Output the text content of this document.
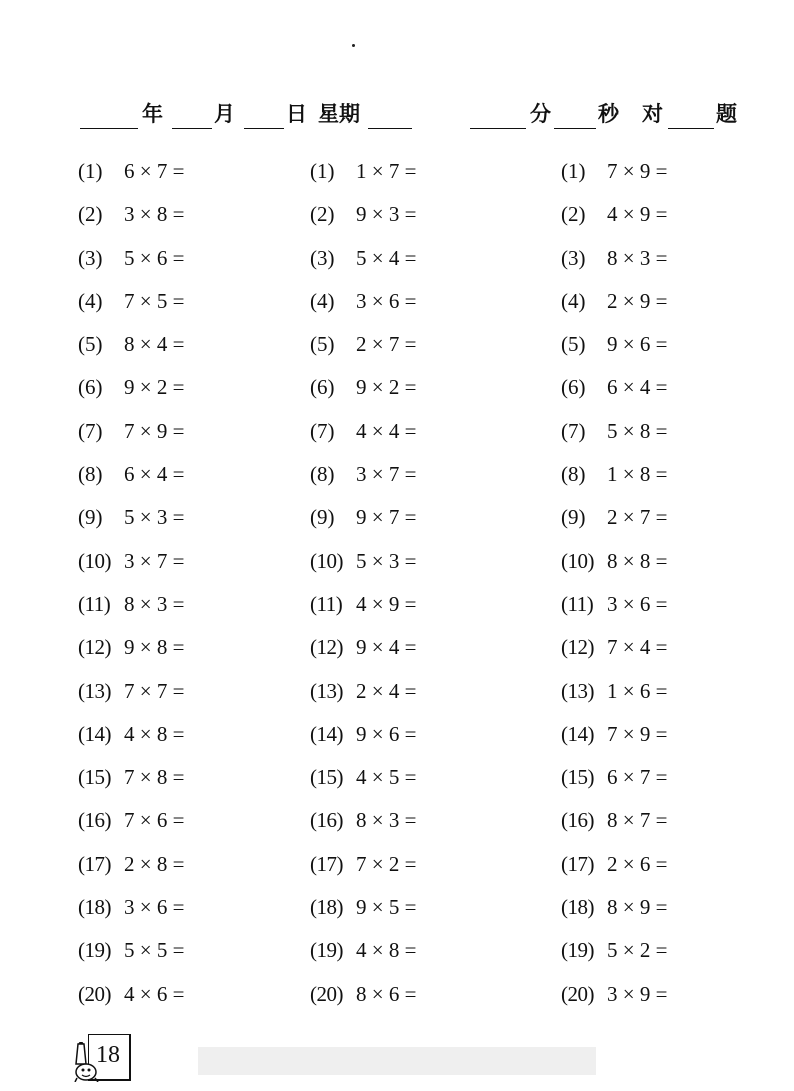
年 月 日 星期	分 秒 对	题
(1) 6 × 7 =
(2) 3 × 8 =
(3) 5 × 6 =
(4) 7 × 5 =
(5) 8 × 4 =
(6) 9 × 2 =
(7) 7 × 9 =
(8) 6 × 4 =
(9) 5 × 3 =
(10) 3 × 7 =
(11) 8 × 3 =
(12) 9 × 8 =
(13) 7 × 7 =
(14) 4 × 8 =
(15) 7 × 8 =
(16) 7 × 6 =
(17) 2 × 8 =
(18) 3 × 6 =
(19) 5 × 5 =
(20) 4 × 6 =
(1) 1 × 7 =
(2) 9 × 3 =
(3) 5 × 4 =
(4) 3 × 6 =
(5) 2 × 7 =
(6) 9 × 2 =
(7) 4 × 4 =
(8) 3 × 7 =
(9) 9 × 7 =
(10) 5 × 3 =
(11) 4 × 9 =
(12) 9 × 4 =
(13) 2 × 4 =
(14) 9 × 6 =
(15) 4 × 5 =
(16) 8 × 3 =
(17) 7 × 2 =
(18) 9 × 5 =
(19) 4 × 8 =
(20) 8 × 6 =
(1) 7 × 9 =
(2) 4 × 9 =
(3) 8 × 3 =
(4) 2 × 9 =
(5) 9 × 6 =
(6) 6 × 4 =
(7) 5 × 8 =
(8) 1 × 8 =
(9) 2 × 7 =
(10) 8 × 8 =
(11) 3 × 6 =
(12) 7 × 4 =
(13) 1 × 6 =
(14) 7 × 9 =
(15) 6 × 7 =
(16) 8 × 7 =
(17) 2 × 6 =
(18) 8 × 9 =
(19) 5 × 2 =
(20) 3 × 9 =
18
